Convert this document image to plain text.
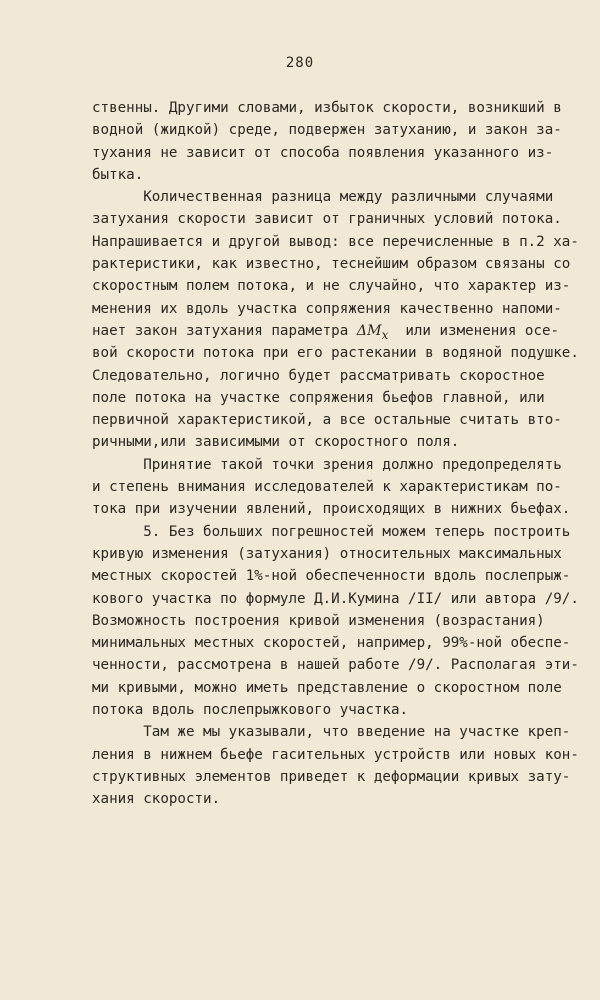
280
ственны. Другими словами, избыток скорости, возникший в
водной (жидкой) среде, подвержен затуханию, и закон за-
тухания не зависит от способа появления указанного из-
бытка.
Количественная разница между различными случаями
затухания скорости зависит от граничных условий потока.
Напрашивается и другой вывод: все перечисленные в п.2 ха-
рактеристики, как известно, теснейшим образом связаны со
скоростным полем потока, и не случайно, что характер из-
менения их вдоль участка сопряжения качественно напоми-
нает закон затухания параметра $\Delta M_x$  или изменения осе-
вой скорости потока при его растекании в водяной подушке.
Следовательно, логично будет рассматривать скоростное
поле потока на участке сопряжения бьефов главной, или
первичной характеристикой, а все остальные считать вто-
ричными,или зависимыми от скоростного поля.
Принятие такой точки зрения должно предопределять
и степень внимания исследователей к характеристикам по-
тока при изучении явлений, происходящих в нижних бьефах.
5. Без больших погрешностей можем теперь построить
кривую изменения (затухания) относительных максимальных
местных скоростей 1%-ной обеспеченности вдоль послепрыж-
кового участка по формуле Д.И.Кумина /II/ или автора /9/.
Возможность построения кривой изменения (возрастания)
минимальных местных скоростей, например, 99%-ной обеспе-
ченности, рассмотрена в нашей работе /9/. Располагая эти-
ми кривыми, можно иметь представление о скоростном поле
потока вдоль послепрыжкового участка.
Там же мы указывали, что введение на участке креп-
ления в нижнем бьефе гасительных устройств или новых кон-
структивных элементов приведет к деформации кривых зату-
хания скорости.
